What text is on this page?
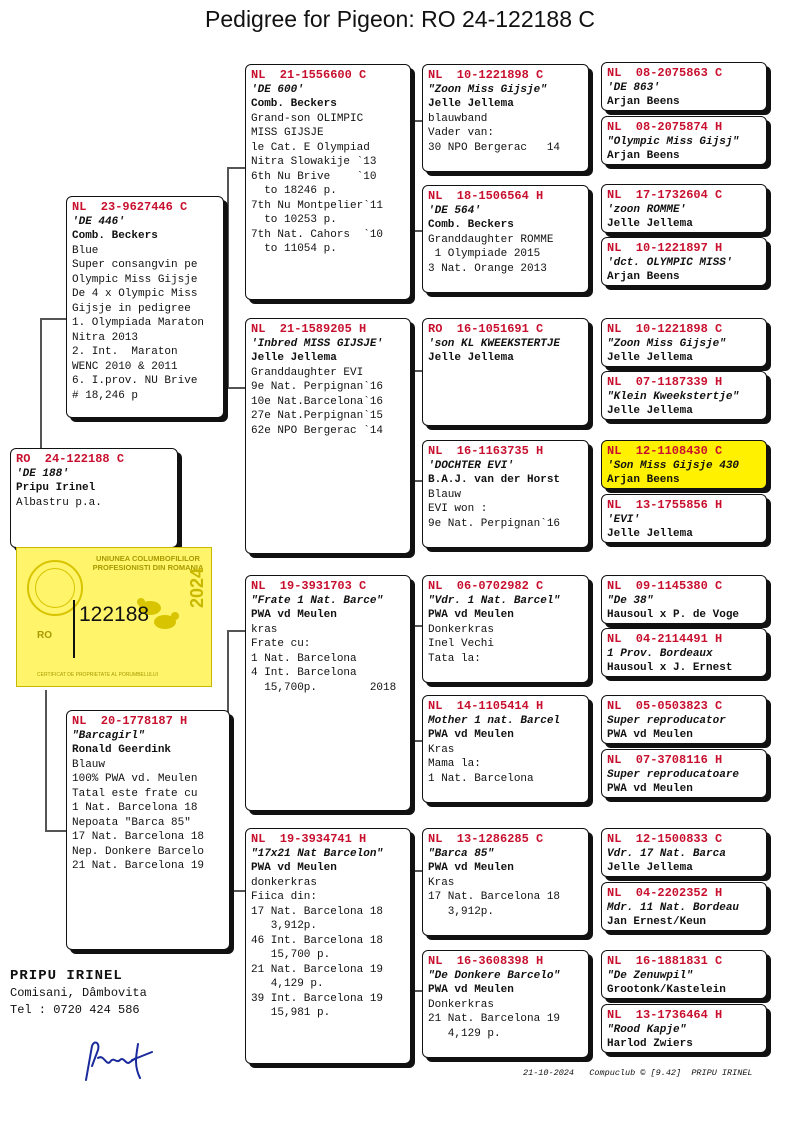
Pedigree for Pigeon: RO 24-122188 C
RO  24-122188 C
'DE 188'
Pripu Irinel
Albastru p.a.
NL  23-9627446 C
'DE 446'
Comb. Beckers
Blue
Super consangvin pe
Olympic Miss Gijsje
De 4 x Olympic Miss
Gijsje in pedigree
1. Olympiada Maraton
Nitra 2013
2. Int.  Maraton
WENC 2010 & 2011
6. I.prov. NU Brive
# 18,246 p
NL  20-1778187 H
"Barcagirl"
Ronald Geerdink
Blauw
100% PWA vd. Meulen
Tatal este frate cu
1 Nat. Barcelona 18
Nepoata "Barca 85"
17 Nat. Barcelona 18
Nep. Donkere Barcelo
21 Nat. Barcelona 19
NL  21-1556600 C
'DE 600'
Comb. Beckers
Grand-son OLIMPIC
MISS GIJSJE
le Cat. E Olympiad
Nitra Slowakije `13
6th Nu Brive    `10
to 18246 p.
7th Nu Montpelier`11
to 10253 p.
7th Nat. Cahors  `10
to 11054 p.
NL  21-1589205 H
'Inbred MISS GIJSJE'
Jelle Jellema
Granddaughter EVI
9e Nat. Perpignan`16
10e Nat.Barcelona`16
27e Nat.Perpignan`15
62e NPO Bergerac `14
NL  19-3931703 C
"Frate 1 Nat. Barce"
PWA vd Meulen
kras
Frate cu:
1 Nat. Barcelona
4 Int. Barcelona
15,700p.        2018
NL  19-3934741 H
"17x21 Nat Barcelon"
PWA vd Meulen
donkerkras
Fiica din:
17 Nat. Barcelona 18
3,912p.
46 Int. Barcelona 18
15,700 p.
21 Nat. Barcelona 19
4,129 p.
39 Int. Barcelona 19
15,981 p.
NL  10-1221898 C
"Zoon Miss Gijsje"
Jelle Jellema
blauwband
Vader van:
30 NPO Bergerac   14
NL  18-1506564 H
'DE 564'
Comb. Beckers
Granddaughter ROMME
1 Olympiade 2015
3 Nat. Orange 2013
RO  16-1051691 C
'son KL KWEEKSTERTJE
Jelle Jellema
NL  16-1163735 H
'DOCHTER EVI'
B.A.J. van der Horst
Blauw
EVI won :
9e Nat. Perpignan`16
NL  06-0702982 C
"Vdr. 1 Nat. Barcel"
PWA vd Meulen
Donkerkras
Inel Vechi
Tata la:
NL  14-1105414 H
Mother 1 nat. Barcel
PWA vd Meulen
Kras
Mama la:
1 Nat. Barcelona
NL  13-1286285 C
"Barca 85"
PWA vd Meulen
Kras
17 Nat. Barcelona 18
3,912p.
NL  16-3608398 H
"De Donkere Barcelo"
PWA vd Meulen
Donkerkras
21 Nat. Barcelona 19
4,129 p.
NL  08-2075863 C
'DE 863'
Arjan Beens
NL  08-2075874 H
"Olympic Miss Gijsj"
Arjan Beens
NL  17-1732604 C
'zoon ROMME'
Jelle Jellema
NL  10-1221897 H
'dct. OLYMPIC MISS'
Arjan Beens
NL  10-1221898 C
"Zoon Miss Gijsje"
Jelle Jellema
NL  07-1187339 H
"Klein Kweekstertje"
Jelle Jellema
NL  12-1108430 C
'Son Miss Gijsje 430
Arjan Beens
NL  13-1755856 H
'EVI'
Jelle Jellema
NL  09-1145380 C
"De 38"
Hausoul x P. de Voge
NL  04-2114491 H
1 Prov. Bordeaux
Hausoul x J. Ernest
NL  05-0503823 C
Super reproducator
PWA vd Meulen
NL  07-3708116 H
Super reproducatoare
PWA vd Meulen
NL  12-1500833 C
Vdr. 17 Nat. Barca
Jelle Jellema
NL  04-2202352 H
Mdr. 11 Nat. Bordeau
Jan Ernest/Keun
NL  16-1881831 C
"De Zenuwpil"
Grootonk/Kastelein
NL  13-1736464 H
"Rood Kapje"
Harlod Zwiers
UNIUNEA COLUMBOFILILOR PROFESIONISTI DIN ROMANIA
122188
RO
2024
CERTIFICAT DE PROPRIETATE AL PORUMBELULUI
PRIPU IRINEL
Comisani, Dâmbovita
Tel : 0720 424 586
21-10-2024   Compuclub © [9.42]  PRIPU IRINEL
